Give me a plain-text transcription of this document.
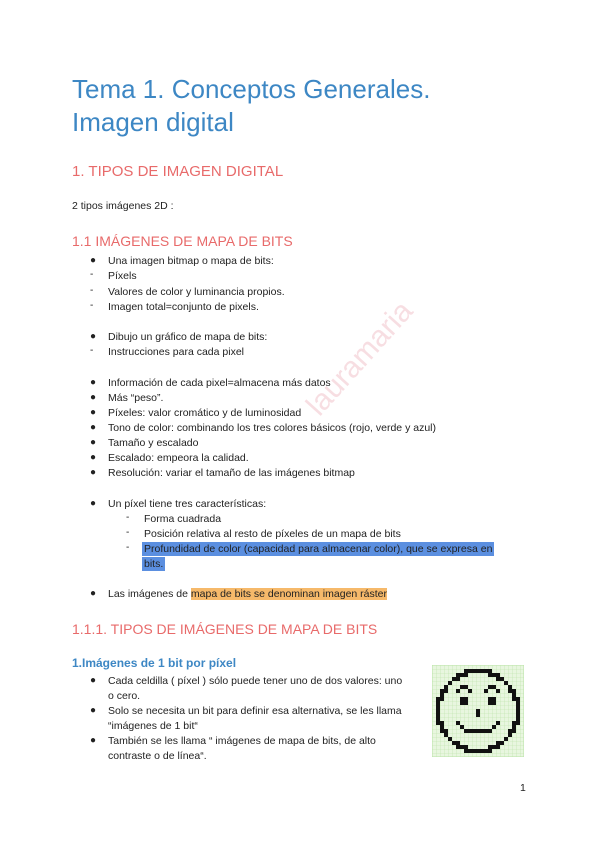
Tema 1. Conceptos Generales.
Imagen digital
1. TIPOS DE IMAGEN DIGITAL

2 tipos imágenes 2D :

1.1 IMÁGENES DE MAPA DE BITS
●	Una imagen bitmap o mapa de bits:
-	Píxels
-	Valores de color y luminancia propios.
-	Imagen total=conjunto de pixels.
●	Dibujo un gráfico de mapa de bits:
-	Instrucciones para cada pixel
●	Información de cada pixel=almacena más datos
●	Más “peso”.
●	Píxeles: valor cromático y de luminosidad
●	Tono de color: combinando los tres colores básicos (rojo, verde y azul)
●	Tamaño y escalado
●	Escalado: empeora la calidad.
●	Resolución: variar el tamaño de las imágenes bitmap
●	Un píxel tiene tres características:
-	Forma cuadrada
-	Posición relativa al resto de píxeles de un mapa de bits
-	Profundidad de color (capacidad para almacenar color), que se expresa en
bits.
●	Las imágenes de mapa de bits se denominan imagen ráster
1.1.1. TIPOS DE IMÁGENES DE MAPA DE BITS
1.Imágenes de 1 bit por píxel
●	Cada celdilla ( píxel ) sólo puede tener uno de dos valores: uno
o cero.
●	Solo se necesita un bit para definir esa alternativa, se les llama
“imágenes de 1 bit“
●	También se les llama “ imágenes de mapa de bits, de alto
contraste o de línea“.
lauramaria
1
